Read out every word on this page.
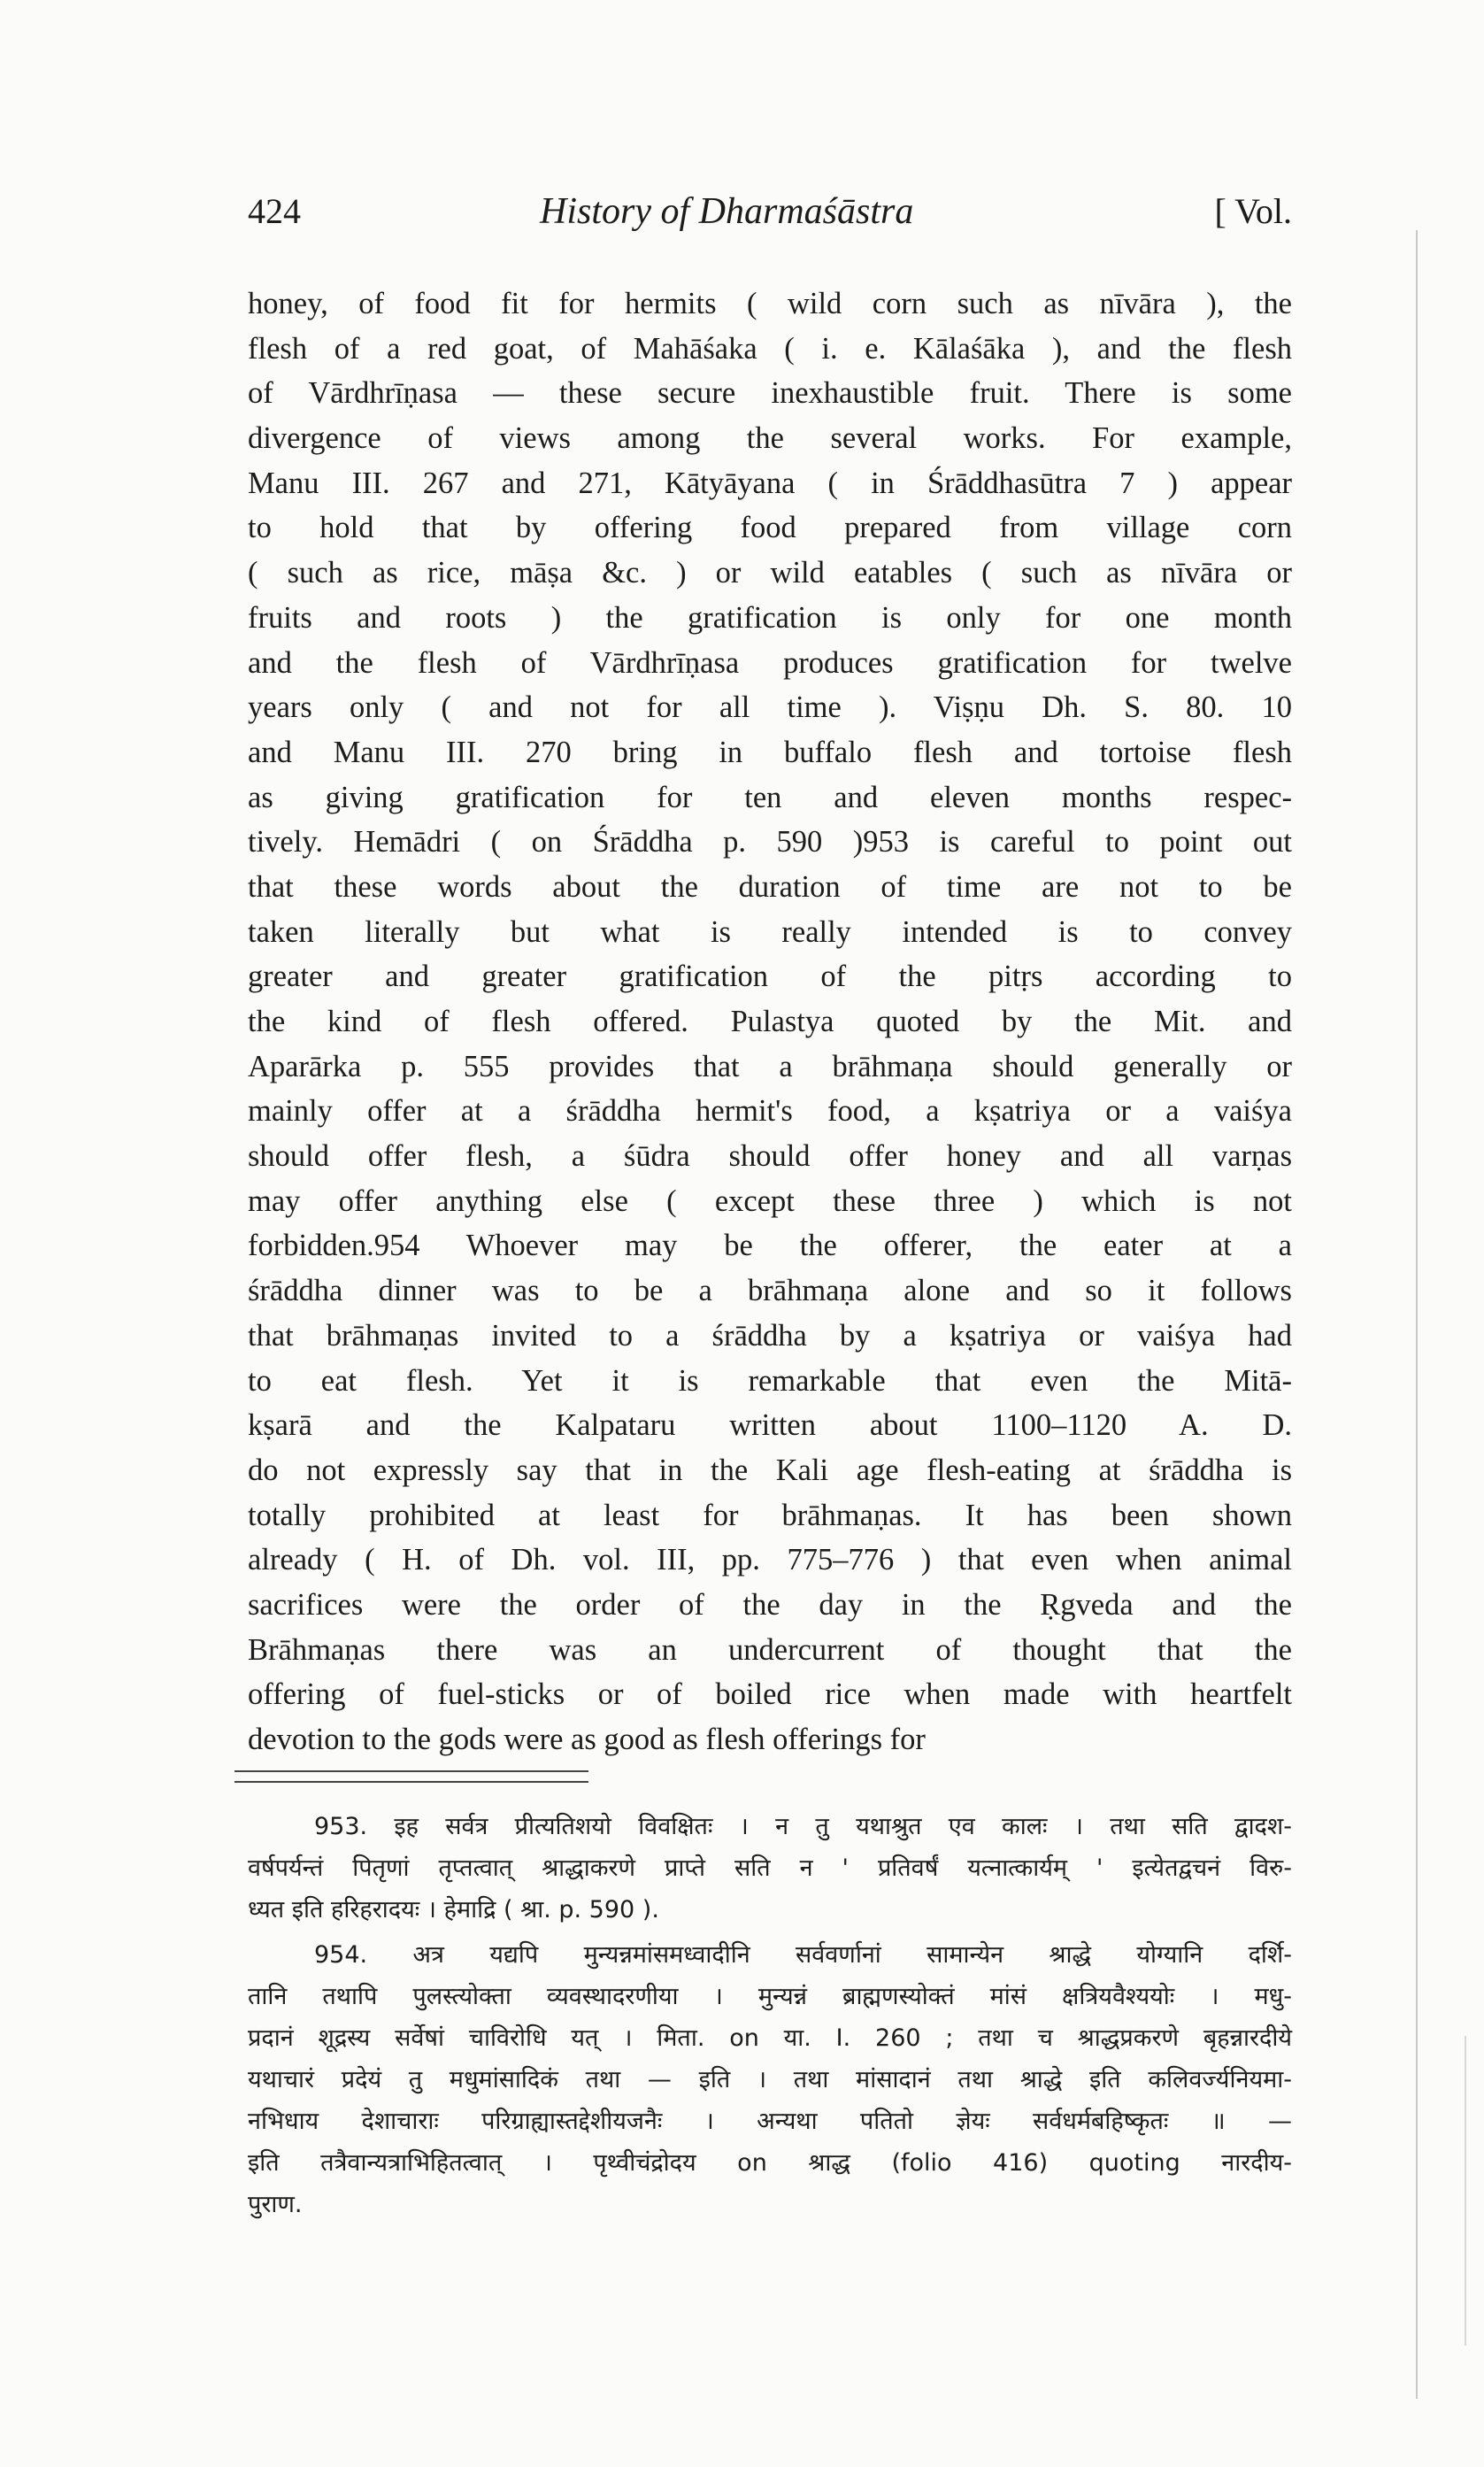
424	History of Dharmaśāstra	[ Vol.
honey, of food fit for hermits ( wild corn such as nīvāra ), the
flesh of a red goat, of Mahāśaka ( i. e. Kālaśāka ), and the flesh
of Vārdhrīṇasa — these secure inexhaustible fruit. There is some
divergence of views among the several works. For example,
Manu III. 267 and 271, Kātyāyana ( in Śrāddhasūtra 7 ) appear
to hold that by offering food prepared from village corn
( such as rice, māṣa &c. ) or wild eatables ( such as nīvāra or
fruits and roots ) the gratification is only for one month
and the flesh of Vārdhrīṇasa produces gratification for twelve
years only ( and not for all time ). Viṣṇu Dh. S. 80. 10
and Manu III. 270 bring in buffalo flesh and tortoise flesh
as giving gratification for ten and eleven months respec-
tively. Hemādri ( on Śrāddha p. 590 )953 is careful to point out
that these words about the duration of time are not to be
taken literally but what is really intended is to convey
greater and greater gratification of the pitṛs according to
the kind of flesh offered. Pulastya quoted by the Mit. and
Aparārka p. 555 provides that a brāhmaṇa should generally or
mainly offer at a śrāddha hermit's food, a kṣatriya or a vaiśya
should offer flesh, a śūdra should offer honey and all varṇas
may offer anything else ( except these three ) which is not
forbidden.954 Whoever may be the offerer, the eater at a
śrāddha dinner was to be a brāhmaṇa alone and so it follows
that brāhmaṇas invited to a śrāddha by a kṣatriya or vaiśya had
to eat flesh. Yet it is remarkable that even the Mitā-
kṣarā and the Kalpataru written about 1100–1120 A. D.
do not expressly say that in the Kali age flesh-eating at śrāddha is
totally prohibited at least for brāhmaṇas. It has been shown
already ( H. of Dh. vol. III, pp. 775–776 ) that even when animal
sacrifices were the order of the day in the Ṛgveda and the
Brāhmaṇas there was an undercurrent of thought that the
offering of fuel-sticks or of boiled rice when made with heartfelt
devotion to the gods were as good as flesh offerings for
953. इह सर्वत्र प्रीत्यतिशयो विवक्षितः । न तु यथाश्रुत एव कालः । तथा सति द्वादश-
वर्षपर्यन्तं पितृणां तृप्तत्वात् श्राद्धाकरणे प्राप्ते सति न ' प्रतिवर्षं यत्नात्कार्यम् ' इत्येतद्वचनं विरु-
ध्यत इति हरिहरादयः । हेमाद्रि ( श्रा. p. 590 ).
954. अत्र यद्यपि मुन्यन्नमांसमध्वादीनि सर्ववर्णानां सामान्येन श्राद्धे योग्यानि दर्शि-
तानि तथापि पुलस्त्योक्ता व्यवस्थादरणीया । मुन्यन्नं ब्राह्मणस्योक्तं मांसं क्षत्रियवैश्ययोः । मधु-
प्रदानं शूद्रस्य सर्वेषां चाविरोधि यत् । मिता. on या. I. 260 ; तथा च श्राद्धप्रकरणे बृहन्नारदीये
यथाचारं प्रदेयं तु मधुमांसादिकं तथा — इति । तथा मांसादानं तथा श्राद्धे इति कलिवर्ज्यनियमा-
नभिधाय देशाचाराः परिग्राह्यास्तद्देशीयजनैः । अन्यथा पतितो ज्ञेयः सर्वधर्मबहिष्कृतः ॥ —
इति तत्रैवान्यत्राभिहितत्वात् । पृथ्वीचंद्रोदय on श्राद्ध (folio 416) quoting नारदीय-
पुराण.
